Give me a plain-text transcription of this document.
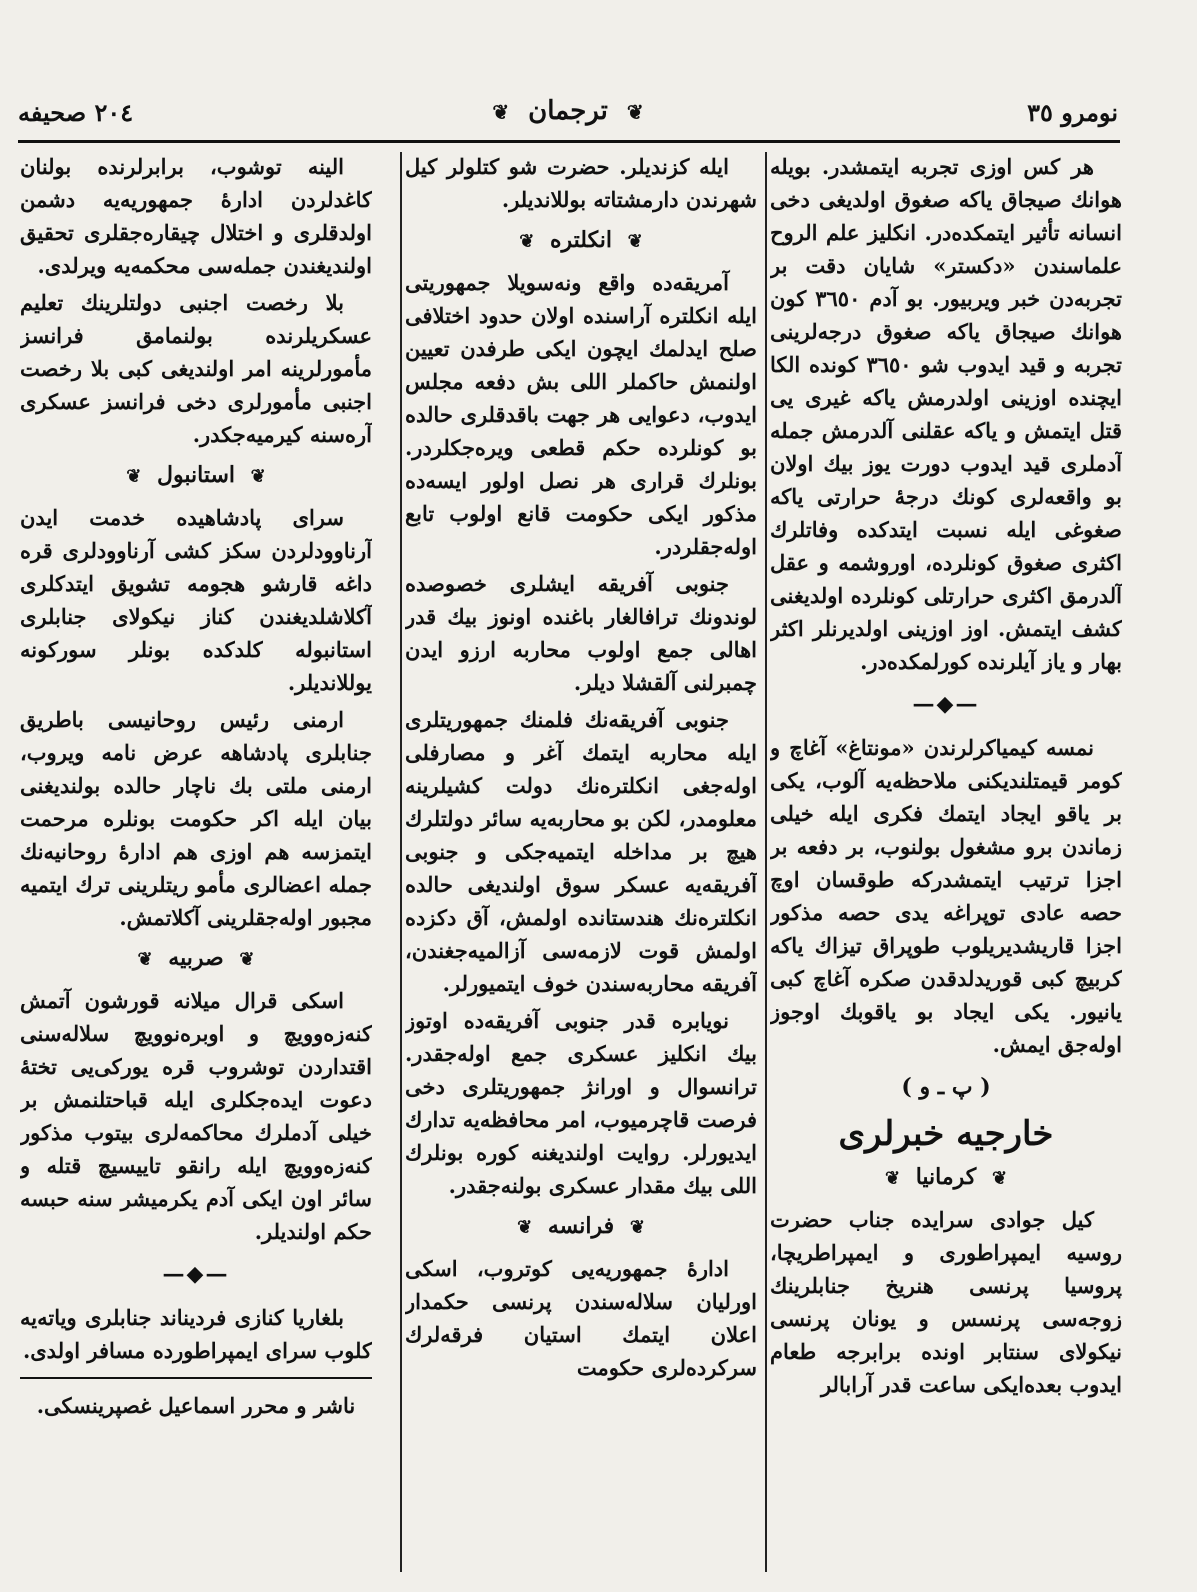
نومرو ٣٥
❦ ترجمان ❦
٢٠٤ صحيفه

هر كس اوزی تجربه ايتمشدر. بويله هوانك صيجاق ياكه صغوق اولديغی دخی انسانه تأثير ايتمكده‌در. انكليز علم الروح علماسندن «دكستر» شايان دقت بر تجربه‌دن خبر ويربيور. بو آدم ٣٦٥٠ كون هوانك صيجاق ياكه صغوق درجه‌لرينی تجربه و قيد ايدوب شو ٣٦٥٠ كونده الكا ايچنده اوزينی اولدرمش ياكه غيری يی قتل ايتمش و ياكه عقلنی آلدرمش جمله آدملری قيد ايدوب دورت يوز بيك اولان بو واقعه‌لری كونك درجهٔ حرارتی ياكه صغوغی ايله نسبت ايتدكده وفاتلرك اكثری صغوق كونلرده، اوروشمه و عقل آلدرمق اكثری حرارتلی كونلرده اولديغنی كشف ايتمش. اوز اوزينی اولديرنلر اكثر بهار و ياز آيلرنده كورلمكده‌در.

—◆—

نمسه كيمياكرلرندن «مونتاغ» آغاچ و كومر قيمتلنديكنی ملاحظه‌يه آلوب، يكی بر ياقو ايجاد ايتمك فكری ايله خيلی زماندن برو مشغول بولنوب، بر دفعه بر اجزا ترتيب ايتمشدركه طوقسان اوچ حصه عادی توپراغه يدی حصه مذكور اجزا قاريشديريلوب طوپراق تيزاك ياكه كربيچ كبی قوريدلدقدن صكره آغاچ كبی يانيور. يكی ايجاد بو ياقوبك اوجوز اوله‌جق ايمش.

( پ ـ و )
خارجيه خبرلری
❦ كرمانيا ❦

كيل جوادی سرايده جناب حضرت روسيه ايمپراطوری و ايمپراطريچا، پروسيا پرنسی هنريخ جنابلرينك زوجه‌سی پرنسس و يونان پرنسی نيكولای سنتابر اونده برابرجه طعام ايدوب بعده‌ايكی ساعت قدر آرابالر

ايله كزنديلر. حضرت شو كتلولر كيل شهرندن دارمشتاته بوللانديلر.

❦ انكلتره ❦

آمريقه‌ده واقع ونه‌سويلا جمهوريتی ايله انكلتره آراسنده اولان حدود اختلافی صلح ايدلمك ايچون ايكی طرفدن تعيين اولنمش حاكملر اللی بش دفعه مجلس ايدوب، دعوايی هر جهت باقدقلری حالده بو كونلرده حكم قطعی ويره‌جكلردر. بونلرك قراری هر نصل اولور ايسه‌ده مذكور ايكی حكومت قانع اولوب تابع اوله‌جقلردر.

جنوبی آفريقه ايشلری خصوصده لوندونك ترافالغار باغنده اونوز بيك قدر اهالی جمع اولوب محاربه ارزو ايدن چمبرلنی آلقشلا ديلر.

جنوبی آفريقه‌نك فلمنك جمهوريتلری ايله محاربه ايتمك آغر و مصارفلی اوله‌جغی انكلتره‌نك دولت كشيلرينه معلومدر، لكن بو محاربه‌يه سائر دولتلرك هيچ بر مداخله ايتميه‌جكی و جنوبی آفريقه‌يه عسكر سوق اولنديغی حالده انكلتره‌نك هندستانده اولمش، آق دكزده اولمش قوت لازمه‌سی آزالميه‌جغندن، آفريقه محاربه‌سندن خوف ايتميورلر.

نويابره قدر جنوبی آفريقه‌ده اوتوز بيك انكليز عسكری جمع اوله‌جقدر. ترانسوال و اورانژ جمهوريتلری دخی فرصت قاچرميوب، امر محافظه‌يه تدارك ايديورلر. روايت اولنديغنه كوره بونلرك اللی بيك مقدار عسكری بولنه‌جقدر.

❦ فرانسه ❦

ادارهٔ جمهوريه‌يی كوتروب، اسكی اورليان سلاله‌سندن پرنسی حكمدار اعلان ايتمك استيان فرقه‌لرك سركرده‌لری حكومت

الينه توشوب، برابرلرنده بولنان كاغدلردن ادارهٔ جمهوريه‌يه دشمن اولدقلری و اختلال چيقاره‌جقلری تحقيق اولنديغندن جمله‌سی محكمه‌يه ويرلدی.

بلا رخصت اجنبی دولتلرينك تعليم عسكريلرنده بولنمامق فرانسز مأمورلرينه امر اولنديغی كبی بلا رخصت اجنبی مأمورلری دخی فرانسز عسكری آره‌سنه كيرميه‌جكدر.

❦ استانبول ❦

سرای پادشاهيده خدمت ايدن آرناوودلردن سكز كشی آرناوودلری قره داغه قارشو هجومه تشويق ايتدكلری آكلاشلديغندن كناز نيكولای جنابلری استانبوله كلدكده بونلر سوركونه يوللانديلر.

ارمنی رئيس روحانيسی باطريق جنابلری پادشاهه عرض نامه ويروب، ارمنی ملتی بك ناچار حالده بولنديغنی بيان ايله اكر حكومت بونلره مرحمت ايتمزسه هم اوزی هم ادارهٔ روحانيه‌نك جمله اعضالری مأمو ريتلرينی ترك ايتميه مجبور اوله‌جقلرينی آكلاتمش.

❦ صربيه ❦

اسكی قرال ميلانه قورشون آتمش كنه‌زه‌وويچ و اوبره‌نوويچ سلاله‌سنی اقتداردن توشروب قره يوركی‌يی تختهٔ دعوت ايده‌جكلری ايله قباحتلنمش بر خيلی آدملرك محاكمه‌لری بيتوب مذكور كنه‌زه‌وويچ ايله رانقو تاييسيچ قتله و سائر اون ايكی آدم يكرميشر سنه حبسه حكم اولنديلر.

—◆—

بلغاريا كنازی فرديناند جنابلری وياته‌يه كلوب سرای ايمپراطورده مسافر اولدی.

ناشر و محرر اسماعيل غصپرينسكی.
